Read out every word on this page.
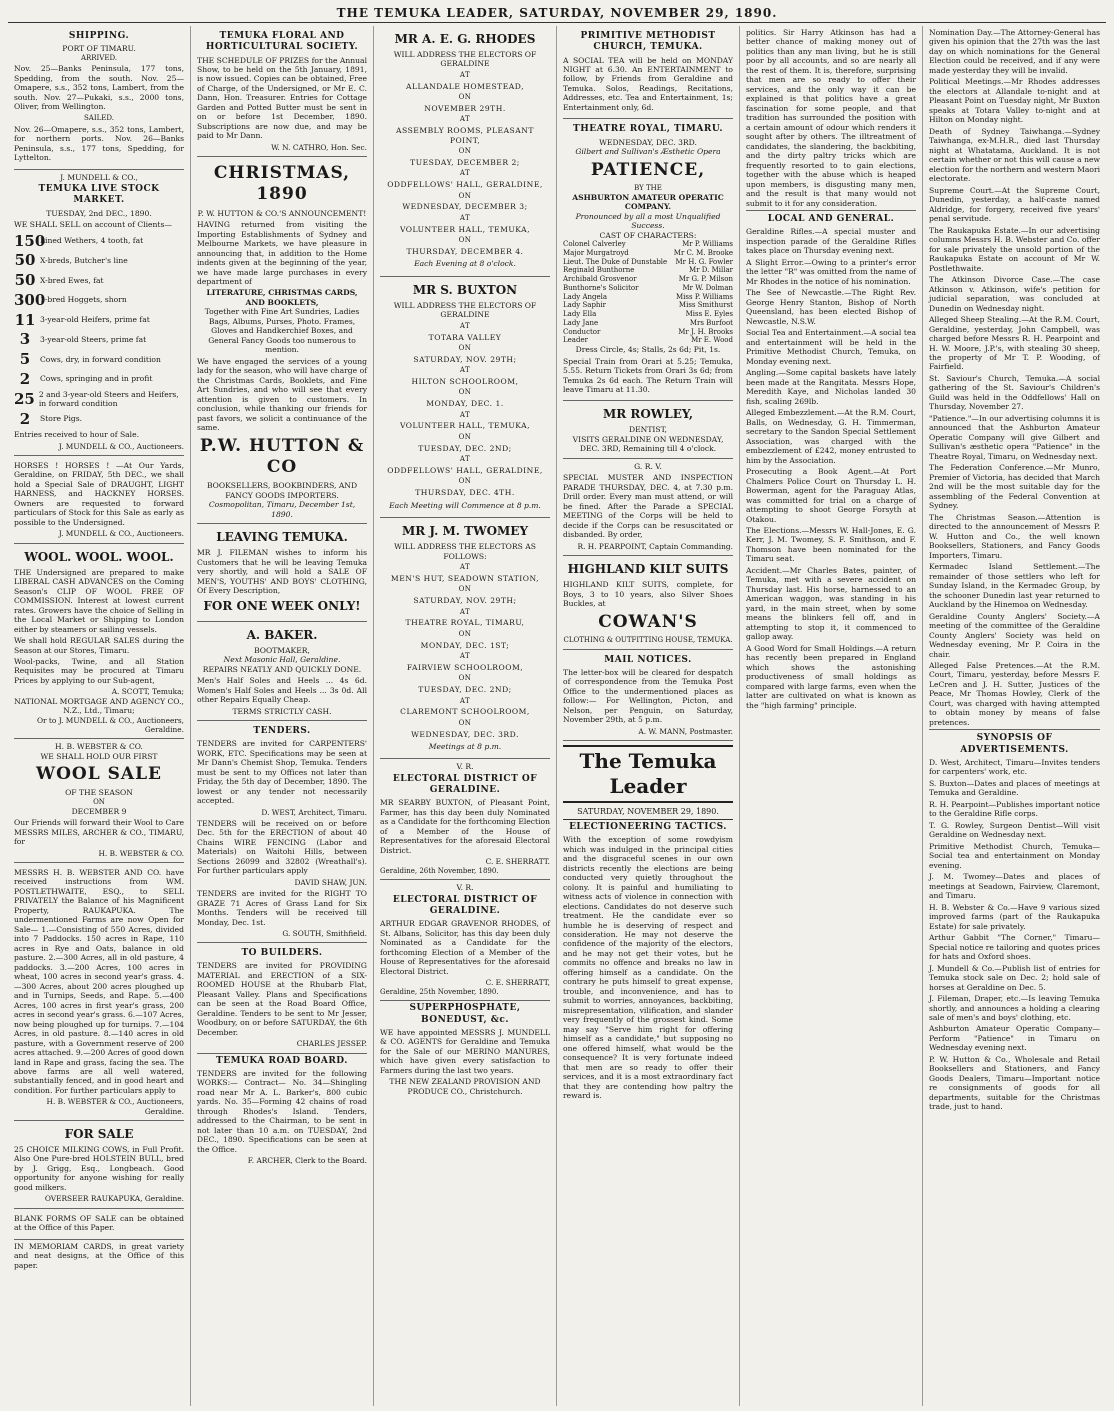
THE TEMUKA LEADER, SATURDAY, NOVEMBER 29, 1890.
SHIPPING.
PORT OF TIMARU.
ARRIVED.

Nov. 25—Banks Peninsula, 177 tons, Spedding, from the south. Nov. 25—Omapere, s.s., 352 tons, Lambert, from the south. Nov. 27—Pukaki, s.s., 2000 tons, Oliver, from Wellington.

SAILED.

Nov. 26—Omapere, s.s., 352 tons, Lambert, for northern ports. Nov. 26—Banks Peninsula, s.s., 177 tons, Spedding, for Lyttelton.

J. MUNDELL & CO.,
TEMUKA LIVE STOCK MARKET.
TUESDAY, 2nd DEC., 1890.

WE SHALL SELL on account of Clients—

150
Lined Wethers, 4 tooth, fat
50 X-breds, Butcher's line
50 X-bred Ewes, fat
300
1-bred Hoggets, shorn
11 3-year-old Heifers, prime fat
3	3-year-old Steers, prime fat
5	Cows, dry, in forward condition
2	Cows, springing and in profit
25 2 and 3-year-old Steers and Heifers, in forward condition
2	Store Pigs.

Entries received to hour of Sale.

J. MUNDELL & CO., Auctioneers.

HORSES ! HORSES ! —At Our Yards, Geraldine, on FRIDAY, 5th DEC., we shall hold a Special Sale of DRAUGHT, LIGHT HARNESS, and HACKNEY HORSES. Owners are requested to forward particulars of Stock for this Sale as early as possible to the Undersigned.

J. MUNDELL & CO., Auctioneers.
WOOL. WOOL. WOOL.

THE Undersigned are prepared to make LIBERAL CASH ADVANCES on the Coming Season's CLIP OF WOOL FREE OF COMMISSION. Interest at lowest current rates. Growers have the choice of Selling in the Local Market or Shipping to London either by steamers or sailing vessels.

We shall hold REGULAR SALES during the Season at our Stores, Timaru.

Wool-packs, Twine, and all Station Requisites may be procured at Timaru Prices by applying to our Sub-agent,

A. SCOTT, Temuka;
NATIONAL MORTGAGE AND AGENCY CO., N.Z., Ltd., Timaru;
Or to J. MUNDELL & CO., Auctioneers, Geraldine.
H. B. WEBSTER & CO.
WE SHALL HOLD OUR FIRST
WOOL SALE
OF THE SEASON
ON
DECEMBER 9

Our Friends will forward their Wool to Care MESSRS MILES, ARCHER & CO., TIMARU, for

H. B. WEBSTER & CO.

MESSRS H. B. WEBSTER AND CO. have received instructions from WM. POSTLETHWAITE, ESQ., to SELL PRIVATELY the Balance of his Magnificent Property, RAUKAPUKA. The undermentioned Farms are now Open for Sale— 1.—Consisting of 550 Acres, divided into 7 Paddocks. 150 acres in Rape, 110 acres in Rye and Oats, balance in old pasture. 2.—300 Acres, all in old pasture, 4 paddocks. 3.—200 Acres, 100 acres in wheat, 100 acres in second year's grass. 4.—300 Acres, about 200 acres ploughed up and in Turnips, Seeds, and Rape. 5.—400 Acres, 100 acres in first year's grass, 200 acres in second year's grass. 6.—107 Acres, now being ploughed up for turnips. 7.—104 Acres, in old pasture. 8.—140 acres in old pasture, with a Government reserve of 200 acres attached. 9.—200 Acres of good down land in Rape and grass, facing the sea. The above farms are all well watered, substantially fenced, and in good heart and condition. For further particulars apply to

H. B. WEBSTER & CO., Auctioneers, Geraldine.
FOR SALE

25 CHOICE MILKING COWS, in Full Profit. Also One Pure-bred HOLSTEIN BULL, bred by J. Grigg, Esq., Longbeach. Good opportunity for anyone wishing for really good milkers.

OVERSEER RAUKAPUKA, Geraldine.

BLANK FORMS OF SALE can be obtained at the Office of this Paper.

IN MEMORIAM CARDS, in great variety and neat designs, at the Office of this paper.

TEMUKA FLORAL AND HORTICULTURAL SOCIETY.

THE SCHEDULE OF PRIZES for the Annual Show, to be held on the 5th January, 1891, is now issued. Copies can be obtained, Free of Charge, of the Undersigned, or Mr E. C. Dann, Hon. Treasurer. Entries for Cottage Garden and Potted Butter must be sent in on or before 1st December, 1890. Subscriptions are now due, and may be paid to Mr Dann.

W. N. CATHRO, Hon. Sec.
CHRISTMAS, 1890
P. W. HUTTON & CO.'S ANNOUNCEMENT!

HAVING returned from visiting the Importing Establishments of Sydney and Melbourne Markets, we have pleasure in announcing that, in addition to the Home indents given at the beginning of the year, we have made large purchases in every department of

LITERATURE, CHRISTMAS CARDS, AND BOOKLETS,
Together with Fine Art Sundries, Ladies Bags, Albums, Purses, Photo. Frames, Gloves and Handkerchief Boxes, and General Fancy Goods too numerous to mention.

We have engaged the services of a young lady for the season, who will have charge of the Christmas Cards, Booklets, and Fine Art Sundries, and who will see that every attention is given to customers. In conclusion, while thanking our friends for past favors, we solicit a continuance of the same.

P.W. HUTTON & CO
BOOKSELLERS, BOOKBINDERS, AND FANCY GOODS IMPORTERS.
Cosmopolitan, Timaru, December 1st, 1890.
LEAVING TEMUKA.

MR J. FILEMAN wishes to inform his Customers that he will be leaving Temuka very shortly, and will hold a SALE OF MEN'S, YOUTHS' AND BOYS' CLOTHING, Of Every Description,

FOR ONE WEEK ONLY!
A. BAKER.
BOOTMAKER,
Next Masonic Hall, Geraldine.
REPAIRS NEATLY AND QUICKLY DONE.

Men's Half Soles and Heels ... 4s 6d. Women's Half Soles and Heels ... 3s 0d. All other Repairs Equally Cheap.

TERMS STRICTLY CASH.
TENDERS.

TENDERS are invited for CARPENTERS' WORK, ETC. Specifications may be seen at Mr Dann's Chemist Shop, Temuka. Tenders must be sent to my Offices not later than Friday, the 5th day of December, 1890. The lowest or any tender not necessarily accepted.

D. WEST, Architect, Timaru.

TENDERS will be received on or before Dec. 5th for the ERECTION of about 40 Chains WIRE FENCING (Labor and Materials) on Waitohi Hills, between Sections 26099 and 32802 (Wreathall's). For further particulars apply

DAVID SHAW, JUN.

TENDERS are invited for the RIGHT TO GRAZE 71 Acres of Grass Land for Six Months. Tenders will be received till Monday, Dec. 1st.

G. SOUTH, Smithfield.
TO BUILDERS.

TENDERS are invited for PROVIDING MATERIAL and ERECTION of a SIX-ROOMED HOUSE at the Rhubarb Flat, Pleasant Valley. Plans and Specifications can be seen at the Road Board Office, Geraldine. Tenders to be sent to Mr Jesser, Woodbury, on or before SATURDAY, the 6th December.

CHARLES JESSEP.
TEMUKA ROAD BOARD.

TENDERS are invited for the following WORKS:— Contract— No. 34—Shingling road near Mr A. L. Barker's, 800 cubic yards. No. 35—Forming 42 chains of road through Rhodes's Island. Tenders, addressed to the Chairman, to be sent in not later than 10 a.m. on TUESDAY, 2nd DEC., 1890. Specifications can be seen at the Office.

F. ARCHER, Clerk to the Board.
MR A. E. G. RHODES
WILL ADDRESS THE ELECTORS OF GERALDINE
AT
ALLANDALE HOMESTEAD,
ON
NOVEMBER 29TH.
AT
ASSEMBLY ROOMS, PLEASANT POINT,
ON
TUESDAY, DECEMBER 2;
AT
ODDFELLOWS' HALL, GERALDINE,
ON
WEDNESDAY, DECEMBER 3;
AT
VOLUNTEER HALL, TEMUKA,
ON
THURSDAY, DECEMBER 4.
Each Evening at 8 o'clock.
MR S. BUXTON
WILL ADDRESS THE ELECTORS OF GERALDINE
AT
TOTARA VALLEY
ON
SATURDAY, NOV. 29TH;
AT
HILTON SCHOOLROOM,
ON
MONDAY, DEC. 1.
AT
VOLUNTEER HALL, TEMUKA,
ON
TUESDAY, DEC. 2ND;
AT
ODDFELLOWS' HALL, GERALDINE,
ON
THURSDAY, DEC. 4TH.
Each Meeting will Commence at 8 p.m.
MR J. M. TWOMEY
WILL ADDRESS THE ELECTORS AS FOLLOWS:
AT
MEN'S HUT, SEADOWN STATION,
ON
SATURDAY, NOV. 29TH;
AT
THEATRE ROYAL, TIMARU,
ON
MONDAY, DEC. 1ST;
AT
FAIRVIEW SCHOOLROOM,
ON
TUESDAY, DEC. 2ND;
AT
CLAREMONT SCHOOLROOM,
ON
WEDNESDAY, DEC. 3RD.
Meetings at 8 p.m.
V. R.
ELECTORAL DISTRICT OF GERALDINE.

MR SEARBY BUXTON, of Pleasant Point, Farmer, has this day been duly Nominated as a Candidate for the forthcoming Election of a Member of the House of Representatives for the aforesaid Electoral District.

C. E. SHERRATT.
Geraldine, 26th November, 1890.
V. R.
ELECTORAL DISTRICT OF GERALDINE.

ARTHUR EDGAR GRAVENOR RHODES, of St. Albans, Solicitor, has this day been duly Nominated as a Candidate for the forthcoming Election of a Member of the House of Representatives for the aforesaid Electoral District.

C. E. SHERRATT,
Geraldine, 25th November, 1890.
SUPERPHOSPHATE, BONEDUST, &c.

WE have appointed MESSRS J. MUNDELL & CO. AGENTS for Geraldine and Temuka for the Sale of our MERINO MANURES, which have given every satisfaction to Farmers during the last two years.

THE NEW ZEALAND PROVISION AND PRODUCE CO., Christchurch.
PRIMITIVE METHODIST CHURCH, TEMUKA.

A SOCIAL TEA will be held on MONDAY NIGHT at 6.30. An ENTERTAINMENT to follow, by Friends from Geraldine and Temuka. Solos, Readings, Recitations, Addresses, etc. Tea and Entertainment, 1s; Entertainment only, 6d.

THEATRE ROYAL, TIMARU.
WEDNESDAY, DEC. 3RD.
Gilbert and Sullivan's Æsthetic Opera
PATIENCE,
BY THE
ASHBURTON AMATEUR OPERATIC COMPANY.
Pronounced by all a most Unqualified Success.
CAST OF CHARACTERS:
Colonel Calverley	Mr P. Williams
Major Murgatroyd	Mr C. M. Brooke
Lieut. The Duke of Dunstable Mr H. G. Fowler
Reginald Bunthorne	Mr D. Millar
Archibald Grosvenor	Mr G. P. Milson
Bunthorne's Solicitor	Mr W. Dolman
Lady Angela	Miss P. Williams
Lady Saphir	Miss Smithurst
Lady Ella	Miss E. Eyles
Lady Jane	Mrs Burfoot
Conductor	Mr J. H. Brooks
Leader	Mr E. Wood
Dress Circle, 4s; Stalls, 2s 6d; Pit, 1s.

Special Train from Orari at 5.25; Temuka, 5.55. Return Tickets from Orari 3s 6d; from Temuka 2s 6d each. The Return Train will leave Timaru at 11.30.

MR ROWLEY,
DENTIST,
VISITS GERALDINE ON WEDNESDAY, DEC. 3RD, Remaining till 4 o'clock.
G. R. V.

SPECIAL MUSTER AND INSPECTION PARADE THURSDAY, DEC. 4, at 7.30 p.m. Drill order. Every man must attend, or will be fined. After the Parade a SPECIAL MEETING of the Corps will be held to decide if the Corps can be resuscitated or disbanded. By order,

R. H. PEARPOINT, Captain Commanding.
HIGHLAND KILT SUITS

HIGHLAND KILT SUITS, complete, for Boys, 3 to 10 years, also Silver Shoes Buckles, at

COWAN'S
CLOTHING & OUTFITTING HOUSE, TEMUKA.
MAIL NOTICES.

The letter-box will be cleared for despatch of correspondence from the Temuka Post Office to the undermentioned places as follow:— For Wellington, Picton, and Nelson, per Penguin, on Saturday, November 29th, at 5 p.m.

A. W. MANN, Postmaster.
The Temuka Leader
SATURDAY, NOVEMBER 29, 1890.
ELECTIONEERING TACTICS.

With the exception of some rowdyism which was indulged in the principal cities and the disgraceful scenes in our own districts recently the elections are being conducted very quietly throughout the colony. It is painful and humiliating to witness acts of violence in connection with elections. Candidates do not deserve such treatment. He the candidate ever so humble he is deserving of respect and consideration. He may not deserve the confidence of the majority of the electors, and he may not get their votes, but he commits no offence and breaks no law in offering himself as a candidate. On the contrary he puts himself to great expense, trouble, and inconvenience, and has to submit to worries, annoyances, backbiting, misrepresentation, vilification, and slander very frequently of the grossest kind. Some may say "Serve him right for offering himself as a candidate," but supposing no one offered himself, what would be the consequence? It is very fortunate indeed that men are so ready to offer their services, and it is a most extraordinary fact that they are contending how paltry the reward is.

politics. Sir Harry Atkinson has had a better chance of making money out of politics than any man living, but he is still poor by all accounts, and so are nearly all the rest of them. It is, therefore, surprising that men are so ready to offer their services, and the only way it can be explained is that politics have a great fascination for some people, and that tradition has surrounded the position with a certain amount of odour which renders it sought after by others. The illtreatment of candidates, the slandering, the backbiting, and the dirty paltry tricks which are frequently resorted to to gain elections, together with the abuse which is heaped upon members, is disgusting many men, and the result is that many would not submit to it for any consideration.

LOCAL AND GENERAL.

Geraldine Rifles.—A special muster and inspection parade of the Geraldine Rifles takes place on Thursday evening next.

A Slight Error.—Owing to a printer's error the letter "R" was omitted from the name of Mr Rhodes in the notice of his nomination.

The See of Newcastle.—The Right Rev. George Henry Stanton, Bishop of North Queensland, has been elected Bishop of Newcastle, N.S.W.

Social Tea and Entertainment.—A social tea and entertainment will be held in the Primitive Methodist Church, Temuka, on Monday evening next.

Angling.—Some capital baskets have lately been made at the Rangitata. Messrs Hope, Meredith Kaye, and Nicholas landed 30 fish, scaling 269lb.

Alleged Embezzlement.—At the R.M. Court, Balls, on Wednesday, G. H. Timmerman, secretary to the Sandon Special Settlement Association, was charged with the embezzlement of £242, money entrusted to him by the Association.

Prosecuting a Book Agent.—At Port Chalmers Police Court on Thursday L. H. Bowerman, agent for the Paraguay Atlas, was committed for trial on a charge of attempting to shoot George Forsyth at Otakou.

The Elections.—Messrs W. Hall-Jones, E. G. Kerr, J. M. Twomey, S. F. Smithson, and F. Thomson have been nominated for the Timaru seat.

Accident.—Mr Charles Bates, painter, of Temuka, met with a severe accident on Thursday last. His horse, harnessed to an American waggon, was standing in his yard, in the main street, when by some means the blinkers fell off, and in attempting to stop it, it commenced to gallop away.

A Good Word for Small Holdings.—A return has recently been prepared in England which shows the astonishing productiveness of small holdings as compared with large farms, even when the latter are cultivated on what is known as the "high farming" principle.

Nomination Day.—The Attorney-General has given his opinion that the 27th was the last day on which nominations for the General Election could be received, and if any were made yesterday they will be invalid.

Political Meetings.—Mr Rhodes addresses the electors at Allandale to-night and at Pleasant Point on Tuesday night, Mr Buxton speaks at Totara Valley to-night and at Hilton on Monday night.

Death of Sydney Taiwhanga.—Sydney Taiwhanga, ex-M.H.R., died last Thursday night at Whatatama, Auckland. It is not certain whether or not this will cause a new election for the northern and western Maori electorate.

Supreme Court.—At the Supreme Court, Dunedin, yesterday, a half-caste named Aldridge, for forgery, received five years' penal servitude.

The Raukapuka Estate.—In our advertising columns Messrs H. B. Webster and Co. offer for sale privately the unsold portion of the Raukapuka Estate on account of Mr W. Postlethwaite.

The Atkinson Divorce Case.—The case Atkinson v. Atkinson, wife's petition for judicial separation, was concluded at Dunedin on Wednesday night.

Alleged Sheep Stealing.—At the R.M. Court, Geraldine, yesterday, John Campbell, was charged before Messrs R. H. Pearpoint and H. W. Moore, J.P.'s, with stealing 30 sheep, the property of Mr T. P. Wooding, of Fairfield.

St. Saviour's Church, Temuka.—A social gathering of the St. Saviour's Children's Guild was held in the Oddfellows' Hall on Thursday, November 27.

"Patience."—In our advertising columns it is announced that the Ashburton Amateur Operatic Company will give Gilbert and Sullivan's æsthetic opera "Patience" in the Theatre Royal, Timaru, on Wednesday next.

The Federation Conference.—Mr Munro, Premier of Victoria, has decided that March 2nd will be the most suitable day for the assembling of the Federal Convention at Sydney.

The Christmas Season.—Attention is directed to the announcement of Messrs P. W. Hutton and Co., the well known Booksellers, Stationers, and Fancy Goods Importers, Timaru.

Kermadec Island Settlement.—The remainder of those settlers who left for Sunday Island, in the Kermadec Group, by the schooner Dunedin last year returned to Auckland by the Hinemoa on Wednesday.

Geraldine County Anglers' Society.—A meeting of the committee of the Geraldine County Anglers' Society was held on Wednesday evening, Mr P. Coira in the chair.

Alleged False Pretences.—At the R.M. Court, Timaru, yesterday, before Messrs F. LeCren and J. H. Sutter, Justices of the Peace, Mr Thomas Howley, Clerk of the Court, was charged with having attempted to obtain money by means of false pretences.

SYNOPSIS OF ADVERTISEMENTS.

D. West, Architect, Timaru—Invites tenders for carpenters' work, etc.

S. Buxton—Dates and places of meetings at Temuka and Geraldine.

R. H. Pearpoint—Publishes important notice to the Geraldine Rifle corps.

T. G. Rowley, Surgeon Dentist—Will visit Geraldine on Wednesday next.

Primitive Methodist Church, Temuka—Social tea and entertainment on Monday evening.

J. M. Twomey—Dates and places of meetings at Seadown, Fairview, Claremont, and Timaru.

H. B. Webster & Co.—Have 9 various sized improved farms (part of the Raukapuka Estate) for sale privately.

Arthur Gabbit "The Corner," Timaru—Special notice re tailoring and quotes prices for hats and Oxford shoes.

J. Mundell & Co.—Publish list of entries for Temuka stock sale on Dec. 2; hold sale of horses at Geraldine on Dec. 5.

J. Fileman, Draper, etc.—Is leaving Temuka shortly, and announces a holding a clearing sale of men's and boys' clothing, etc.

Ashburton Amateur Operatic Company—Perform "Patience" in Timaru on Wednesday evening next.

P. W. Hutton & Co., Wholesale and Retail Booksellers and Stationers, and Fancy Goods Dealers, Timaru—Important notice re consignments of goods for all departments, suitable for the Christmas trade, just to hand.
